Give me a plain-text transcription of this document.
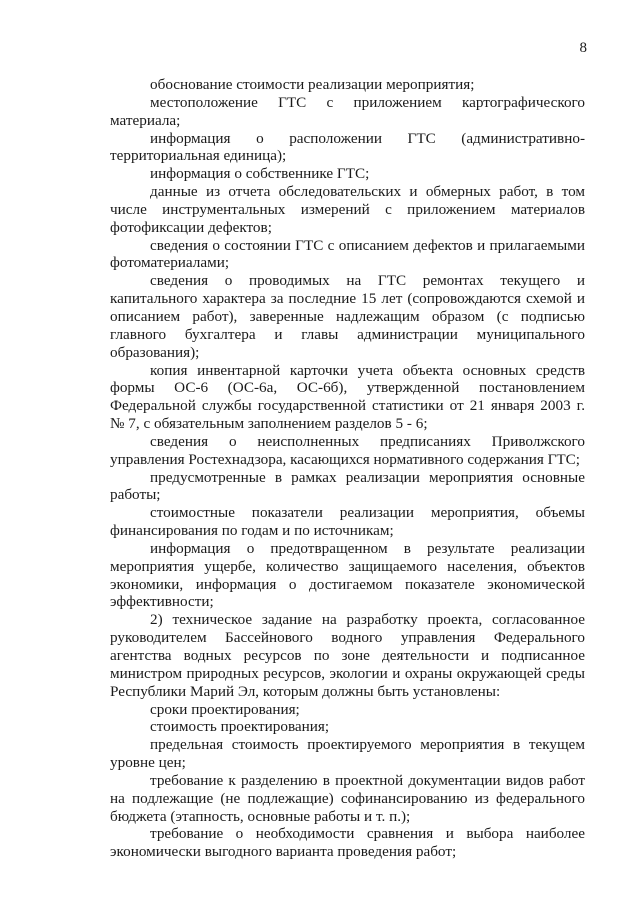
8

обоснование стоимости реализации мероприятия;

местоположение ГТС с приложением картографического материала;

информация о расположении ГТС (административно-территориальная единица);

информация о собственнике ГТС;

данные из отчета обследовательских и обмерных работ, в том числе инструментальных измерений с приложением материалов фотофиксации дефектов;

сведения о состоянии ГТС с описанием дефектов и прилагаемыми фотоматериалами;

сведения о проводимых на ГТС ремонтах текущего и капитального характера за последние 15 лет (сопровождаются схемой и описанием работ), заверенные надлежащим образом (с подписью главного бухгалтера и главы администрации муниципального образования);

копия инвентарной карточки учета объекта основных средств формы ОС-6 (ОС-6а, ОС-6б), утвержденной постановлением Федеральной службы государственной статистики от 21 января 2003 г. № 7, с обязательным заполнением разделов 5 - 6;

сведения о неисполненных предписаниях Приволжского управления Ростехнадзора, касающихся нормативного содержания ГТС;

предусмотренные в рамках реализации мероприятия основные работы;

стоимостные показатели реализации мероприятия, объемы финансирования по годам и по источникам;

информация о предотвращенном в результате реализации мероприятия ущербе, количество защищаемого населения, объектов экономики, информация о достигаемом показателе экономической эффективности;

2) техническое задание на разработку проекта, согласованное руководителем Бассейнового водного управления Федерального агентства водных ресурсов по зоне деятельности и подписанное министром природных ресурсов, экологии и охраны окружающей среды Республики Марий Эл, которым должны быть установлены:

сроки проектирования;

стоимость проектирования;

предельная стоимость проектируемого мероприятия в текущем уровне цен;

требование к разделению в проектной документации видов работ на подлежащие (не подлежащие) софинансированию из федерального бюджета (этапность, основные работы и т. п.);

требование о необходимости сравнения и выбора наиболее экономически выгодного варианта проведения работ;
